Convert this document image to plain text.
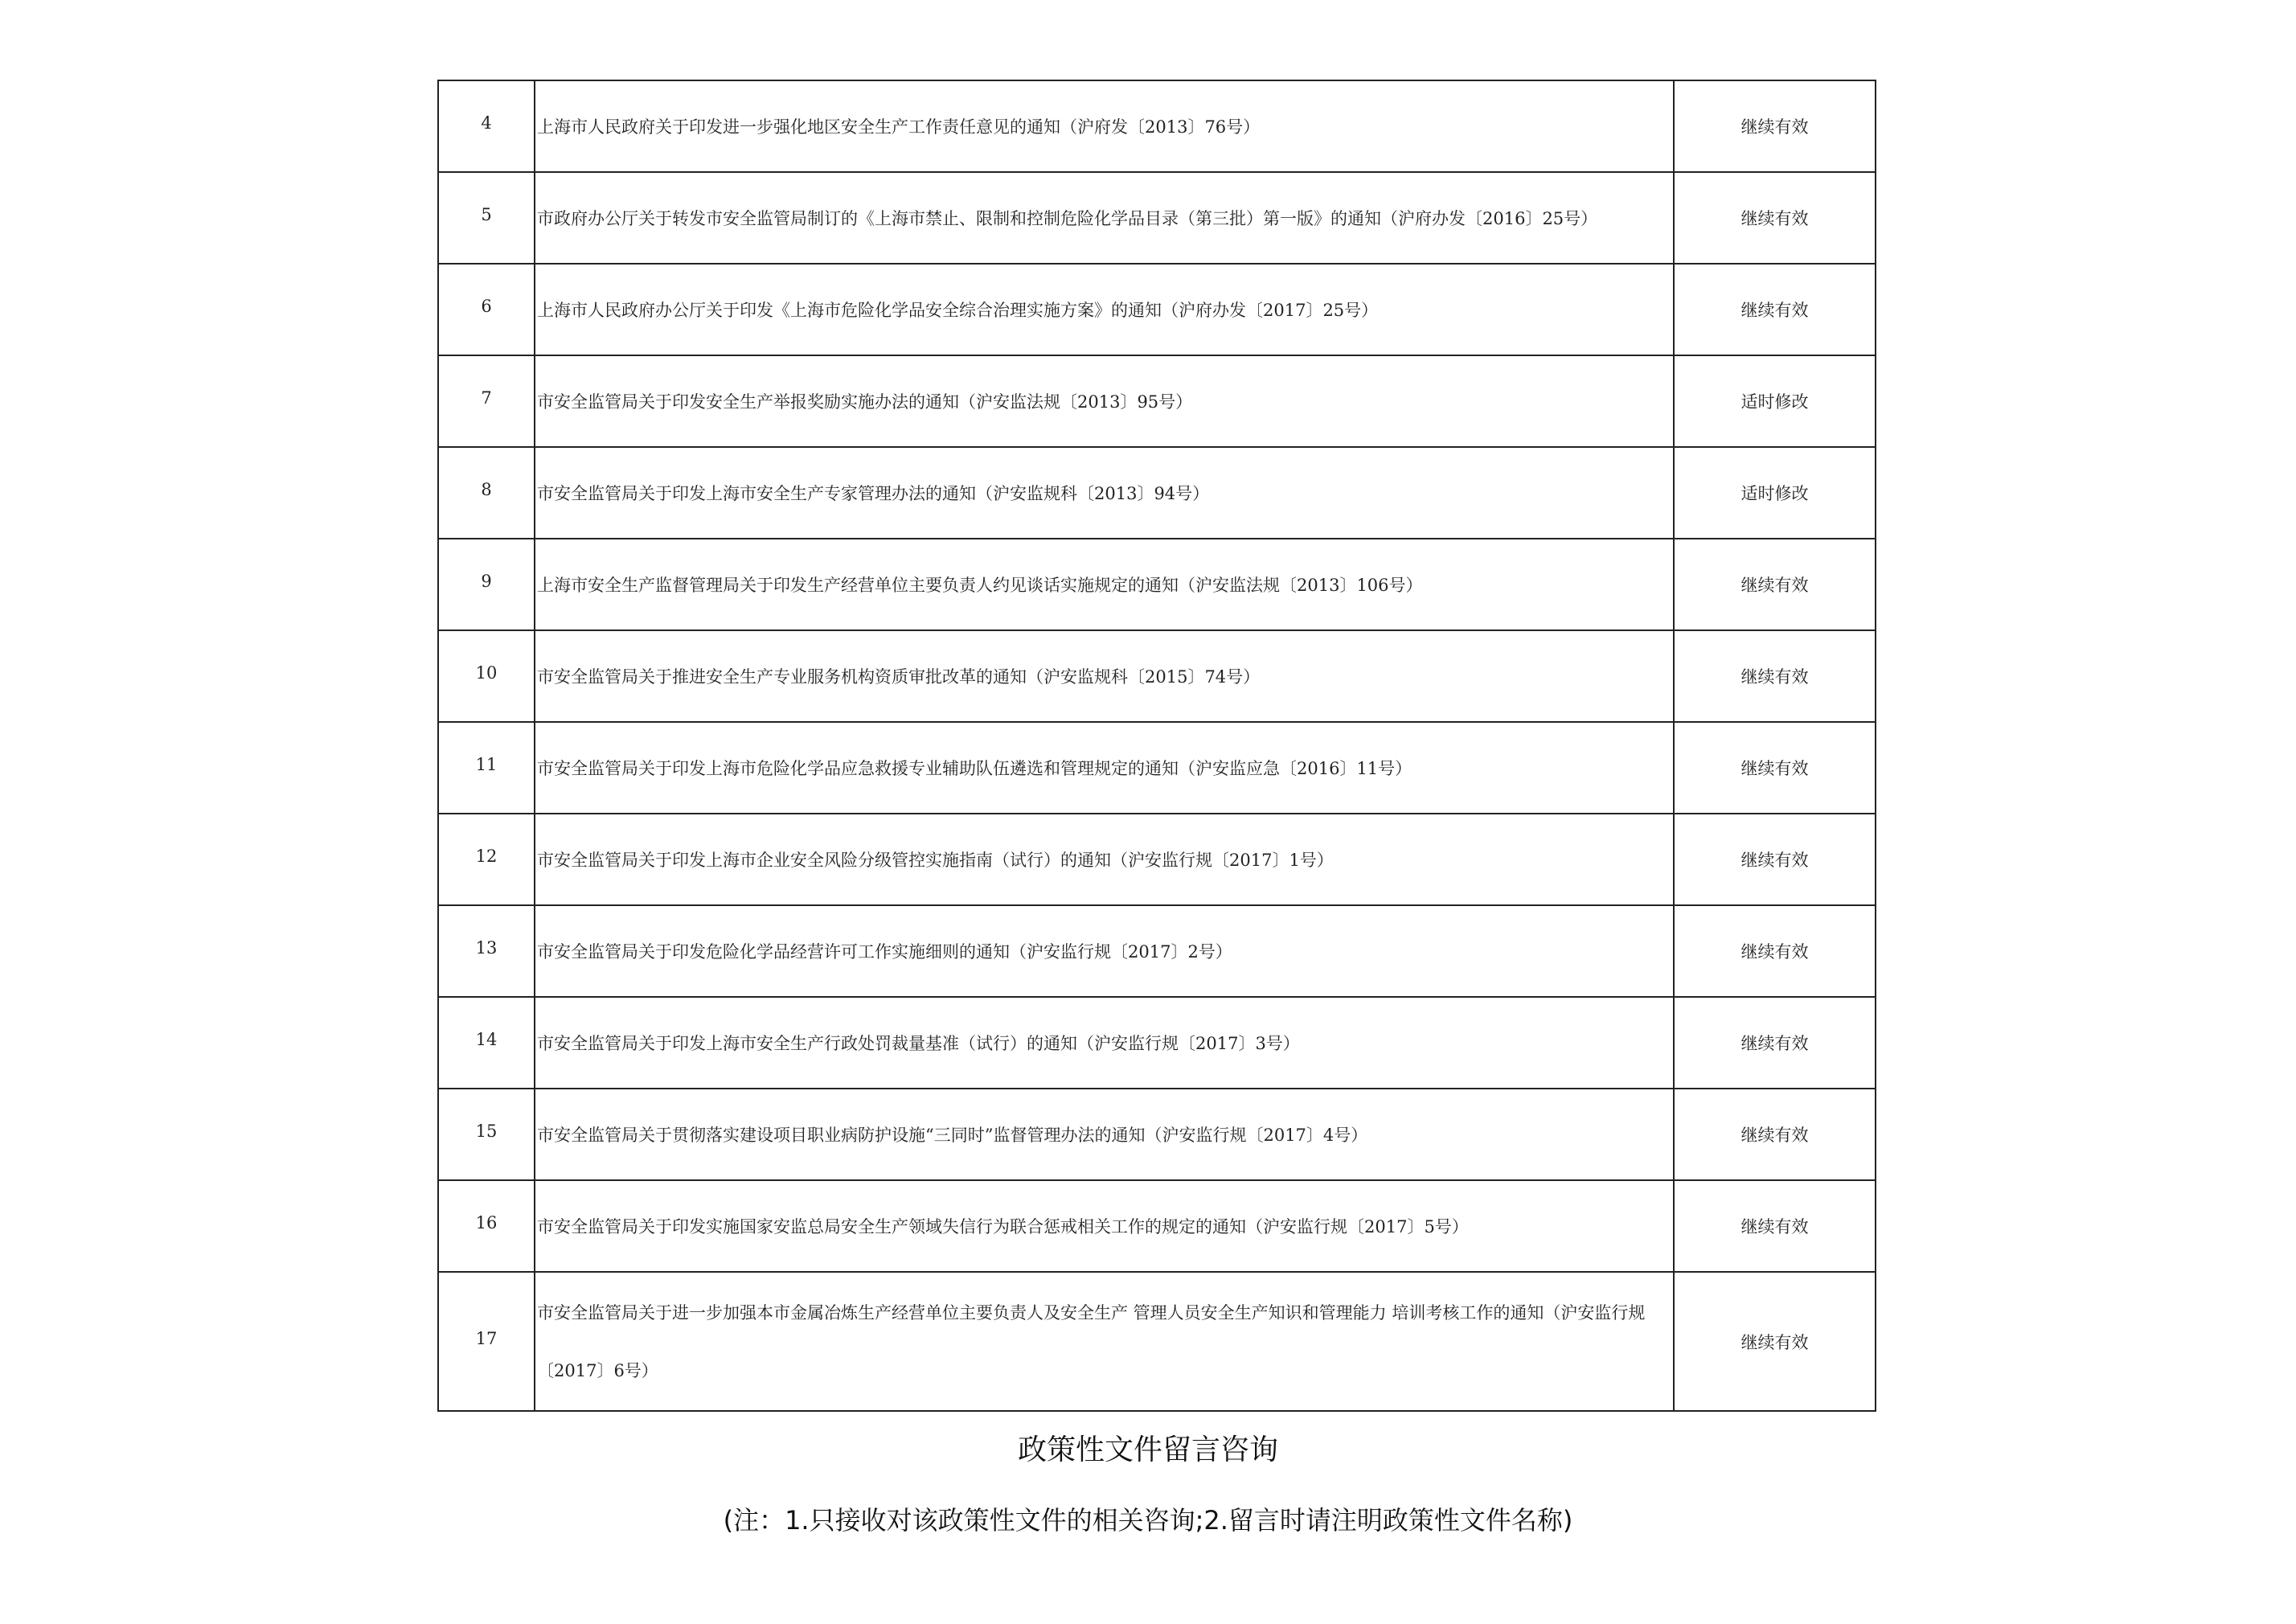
4	上海市人民政府关于印发进一步强化地区安全生产工作责任意见的通知（沪府发〔2013〕76号）	继续有效
5	市政府办公厅关于转发市安全监管局制订的《上海市禁止、限制和控制危险化学品目录（第三批）第一版》的通知（沪府办发〔2016〕25号）	继续有效
6	上海市人民政府办公厅关于印发《上海市危险化学品安全综合治理实施方案》的通知（沪府办发〔2017〕25号）	继续有效
7	市安全监管局关于印发安全生产举报奖励实施办法的通知（沪安监法规〔2013〕95号）	适时修改
8	市安全监管局关于印发上海市安全生产专家管理办法的通知（沪安监规科〔2013〕94号）	适时修改
9	上海市安全生产监督管理局关于印发生产经营单位主要负责人约见谈话实施规定的通知（沪安监法规〔2013〕106号）	继续有效
10	市安全监管局关于推进安全生产专业服务机构资质审批改革的通知（沪安监规科〔2015〕74号）	继续有效
11	市安全监管局关于印发上海市危险化学品应急救援专业辅助队伍遴选和管理规定的通知（沪安监应急〔2016〕11号）	继续有效
12	市安全监管局关于印发上海市企业安全风险分级管控实施指南（试行）的通知（沪安监行规〔2017〕1号）	继续有效
13	市安全监管局关于印发危险化学品经营许可工作实施细则的通知（沪安监行规〔2017〕2号）	继续有效
14	市安全监管局关于印发上海市安全生产行政处罚裁量基准（试行）的通知（沪安监行规〔2017〕3号）	继续有效
15	市安全监管局关于贯彻落实建设项目职业病防护设施“三同时”监督管理办法的通知（沪安监行规〔2017〕4号）	继续有效
16	市安全监管局关于印发实施国家安监总局安全生产领域失信行为联合惩戒相关工作的规定的通知（沪安监行规〔2017〕5号）	继续有效
17	市安全监管局关于进一步加强本市金属冶炼生产经营单位主要负责人及安全生产 管理人员安全生产知识和管理能力 培训考核工作的通知（沪安监行规〔2017〕6号）	继续有效
政策性文件留言咨询
(注：1.只接收对该政策性文件的相关咨询;2.留言时请注明政策性文件名称)
